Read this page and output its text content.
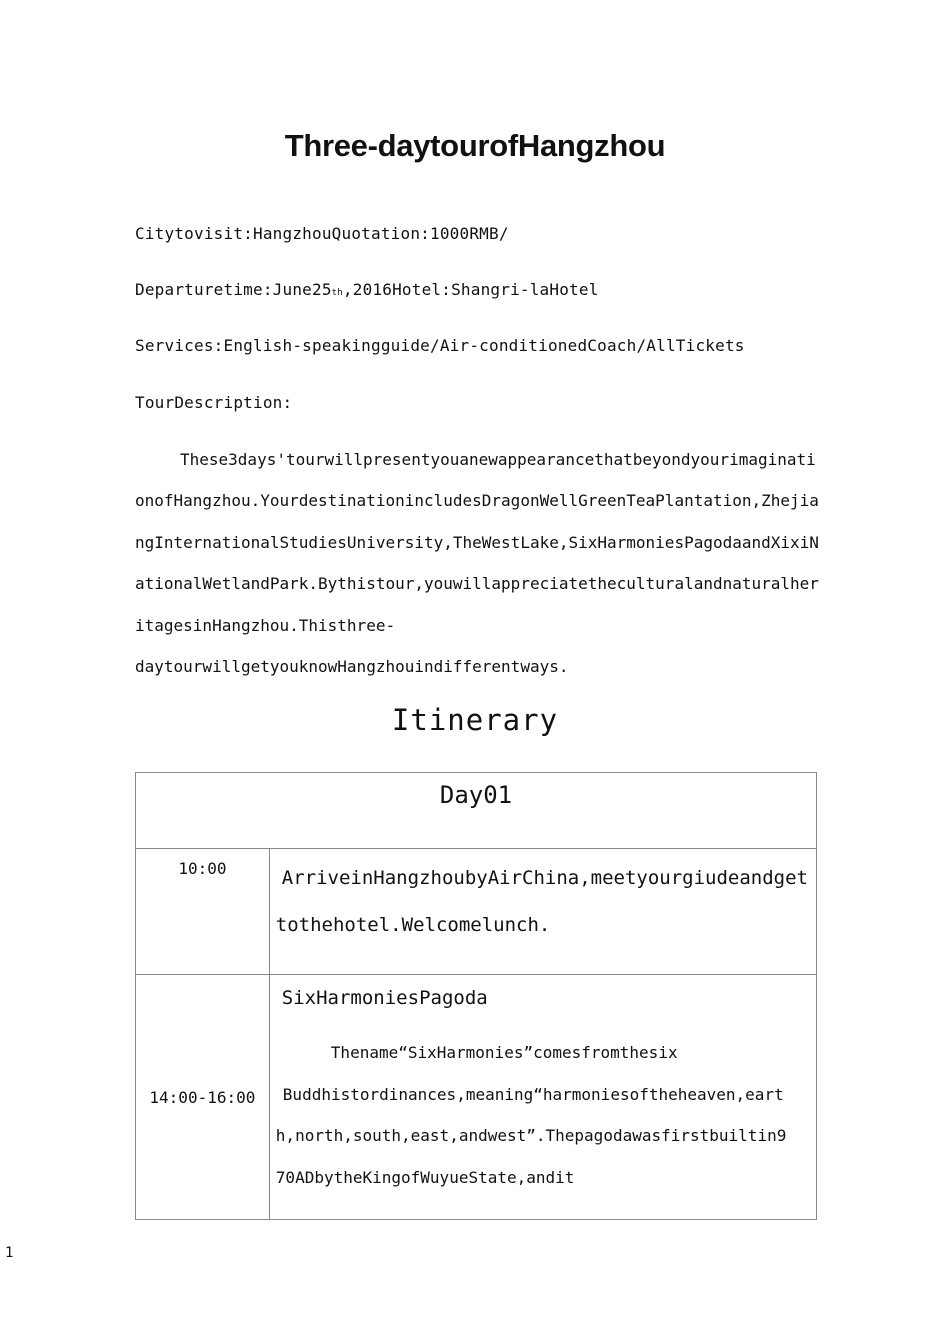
Three-daytourofHangzhou
Citytovisit:HangzhouQuotation:1000RMB/
Departuretime:June25th,2016Hotel:Shangri-laHotel
Services:English-speakingguide/Air-conditionedCoach/AllTickets
TourDescription:
These3days'tourwillpresentyouanewappearancethatbeyondyourimaginati
onofHangzhou.YourdestinationincludesDragonWellGreenTeaPlantation,Zhejia
ngInternationalStudiesUniversity,TheWestLake,SixHarmoniesPagodaandXixiN
ationalWetlandPark.Bythistour,youwillappreciatetheculturalandnaturalher
itagesinHangzhou.Thisthree-
daytourwillgetyouknowHangzhouindifferentways.
Itinerary
Day01	
10:00	ArriveinHangzhoubyAirChina,meetyourgiudeandget
tothehotel.Welcomelunch.

14:00-16:00	SixHarmoniesPagoda
Thename“SixHarmonies”comesfromthesix
Buddhistordinances,meaning“harmoniesoftheheaven,eart
h,north,south,east,andwest”.Thepagodawasfirstbuiltin9
70ADbytheKingofWuyueState,andit
1
